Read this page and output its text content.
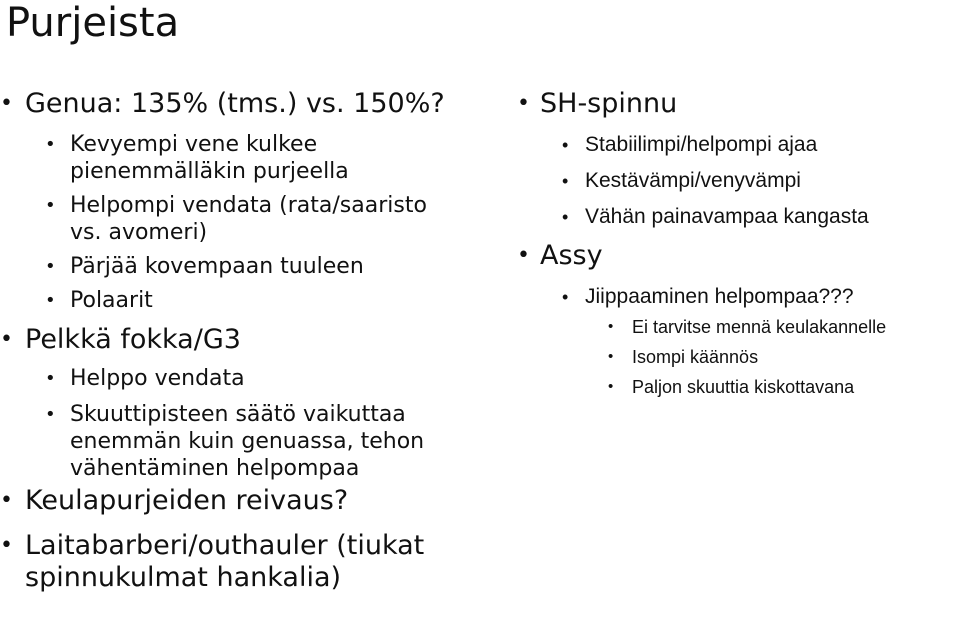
Purjeista
• Genua: 135% (tms.) vs. 150%?
• Kevyempi vene kulkee
pienemmälläkin purjeella
• Helpompi vendata (rata/saaristo
vs. avomeri)
• Pärjää kovempaan tuuleen
• Polaarit
• Pelkkä fokka/G3
• Helppo vendata
• Skuuttipisteen säätö vaikuttaa
enemmän kuin genuassa, tehon
vähentäminen helpompaa
• Keulapurjeiden reivaus?
• Laitabarberi/outhauler (tiukat
spinnukulmat hankalia)
• SH-spinnu
• Stabiilimpi/helpompi ajaa
• Kestävämpi/venyvämpi
• Vähän painavampaa kangasta
• Assy
• Jiippaaminen helpompaa???
• Ei tarvitse mennä keulakannelle
• Isompi käännös
• Paljon skuuttia kiskottavana
